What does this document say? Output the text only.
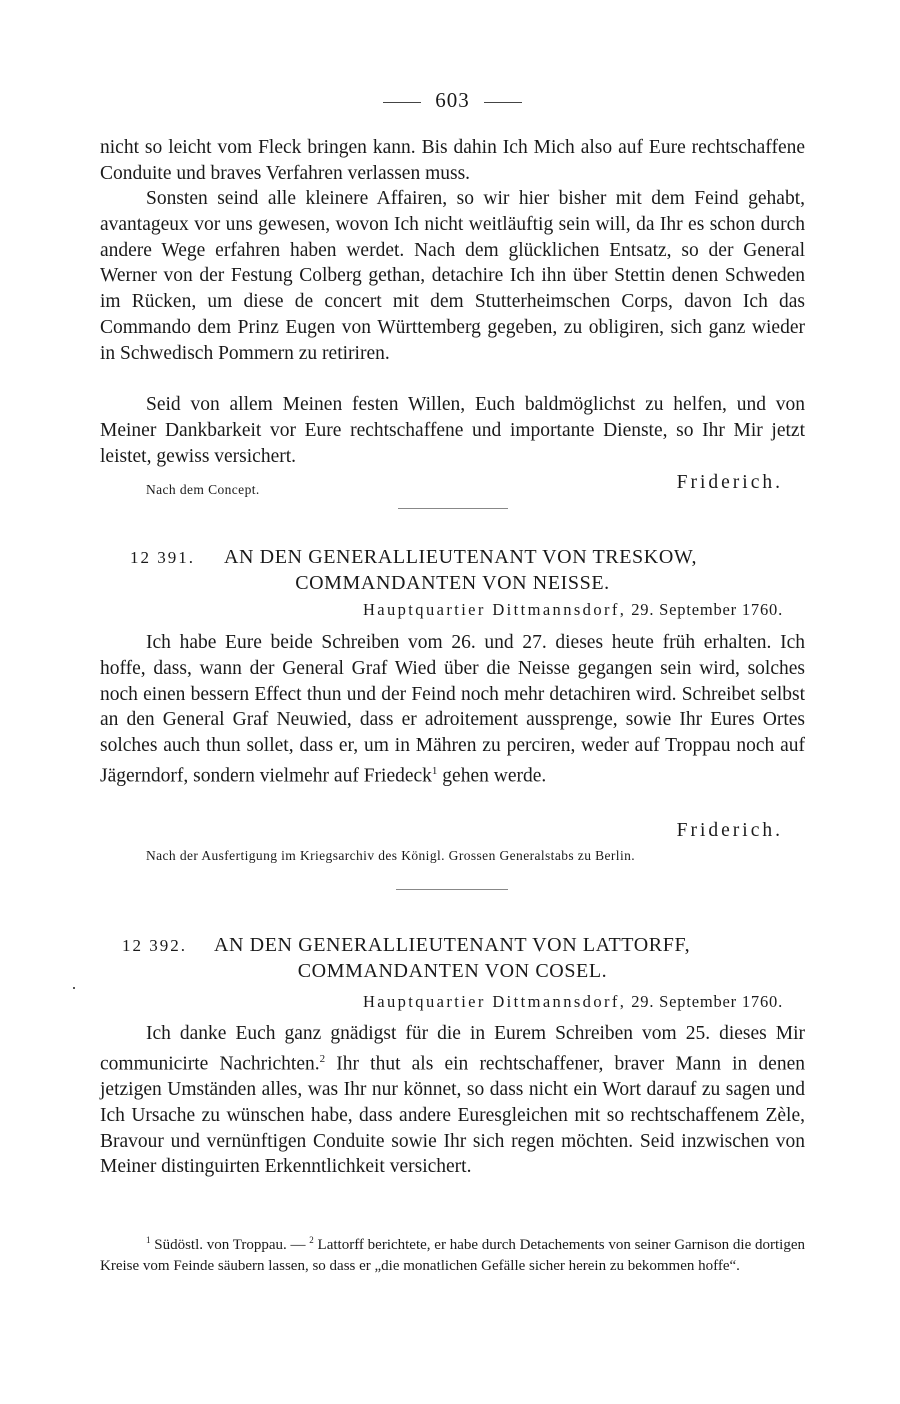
603

nicht so leicht vom Fleck bringen kann. Bis dahin Ich Mich also auf Eure rechtschaffene Conduite und braves Verfahren verlassen muss.

Sonsten seind alle kleinere Affairen, so wir hier bisher mit dem Feind gehabt, avantageux vor uns gewesen, wovon Ich nicht weitläuftig sein will, da Ihr es schon durch andere Wege erfahren haben werdet. Nach dem glücklichen Entsatz, so der General Werner von der Festung Colberg gethan, detachire Ich ihn über Stettin denen Schweden im Rücken, um diese de concert mit dem Stutterheimschen Corps, davon Ich das Commando dem Prinz Eugen von Württemberg gegeben, zu obligiren, sich ganz wieder in Schwedisch Pommern zu retiriren.

Seid von allem Meinen festen Willen, Euch baldmöglichst zu helfen, und von Meiner Dankbarkeit vor Eure rechtschaffene und importante Dienste, so Ihr Mir jetzt leistet, gewiss versichert.

Nach dem Concept.	Friderich.
12 391. AN DEN GENERALLIEUTENANT VON TRESKOW,
COMMANDANTEN VON NEISSE.
Hauptquartier Dittmannsdorf, 29. September 1760.

Ich habe Eure beide Schreiben vom 26. und 27. dieses heute früh erhalten. Ich hoffe, dass, wann der General Graf Wied über die Neisse gegangen sein wird, solches noch einen bessern Effect thun und der Feind noch mehr detachiren wird. Schreibet selbst an den General Graf Neuwied, dass er adroitement aussprenge, sowie Ihr Eures Ortes solches auch thun sollet, dass er, um in Mähren zu perciren, weder auf Troppau noch auf Jägerndorf, sondern vielmehr auf Friedeck$^1$ gehen werde.

Friderich.
Nach der Ausfertigung im Kriegsarchiv des Königl. Grossen Generalstabs zu Berlin.
12 392. AN DEN GENERALLIEUTENANT VON LATTORFF,
COMMANDANTEN VON COSEL.
Hauptquartier Dittmannsdorf, 29. September 1760.

Ich danke Euch ganz gnädigst für die in Eurem Schreiben vom 25. dieses Mir communicirte Nachrichten.$^2$ Ihr thut als ein rechtschaffener, braver Mann in denen jetzigen Umständen alles, was Ihr nur könnet, so dass nicht ein Wort darauf zu sagen und Ich Ursache zu wünschen habe, dass andere Euresgleichen mit so rechtschaffenem Zèle, Bravour und vernünftigen Conduite sowie Ihr sich regen möchten. Seid inzwischen von Meiner distinguirten Erkenntlichkeit versichert.

$^1$ Südöstl. von Troppau. — $^2$ Lattorff berichtete, er habe durch Detachements von seiner Garnison die dortigen Kreise vom Feinde säubern lassen, so dass er „die monatlichen Gefälle sicher herein zu bekommen hoffe“.
